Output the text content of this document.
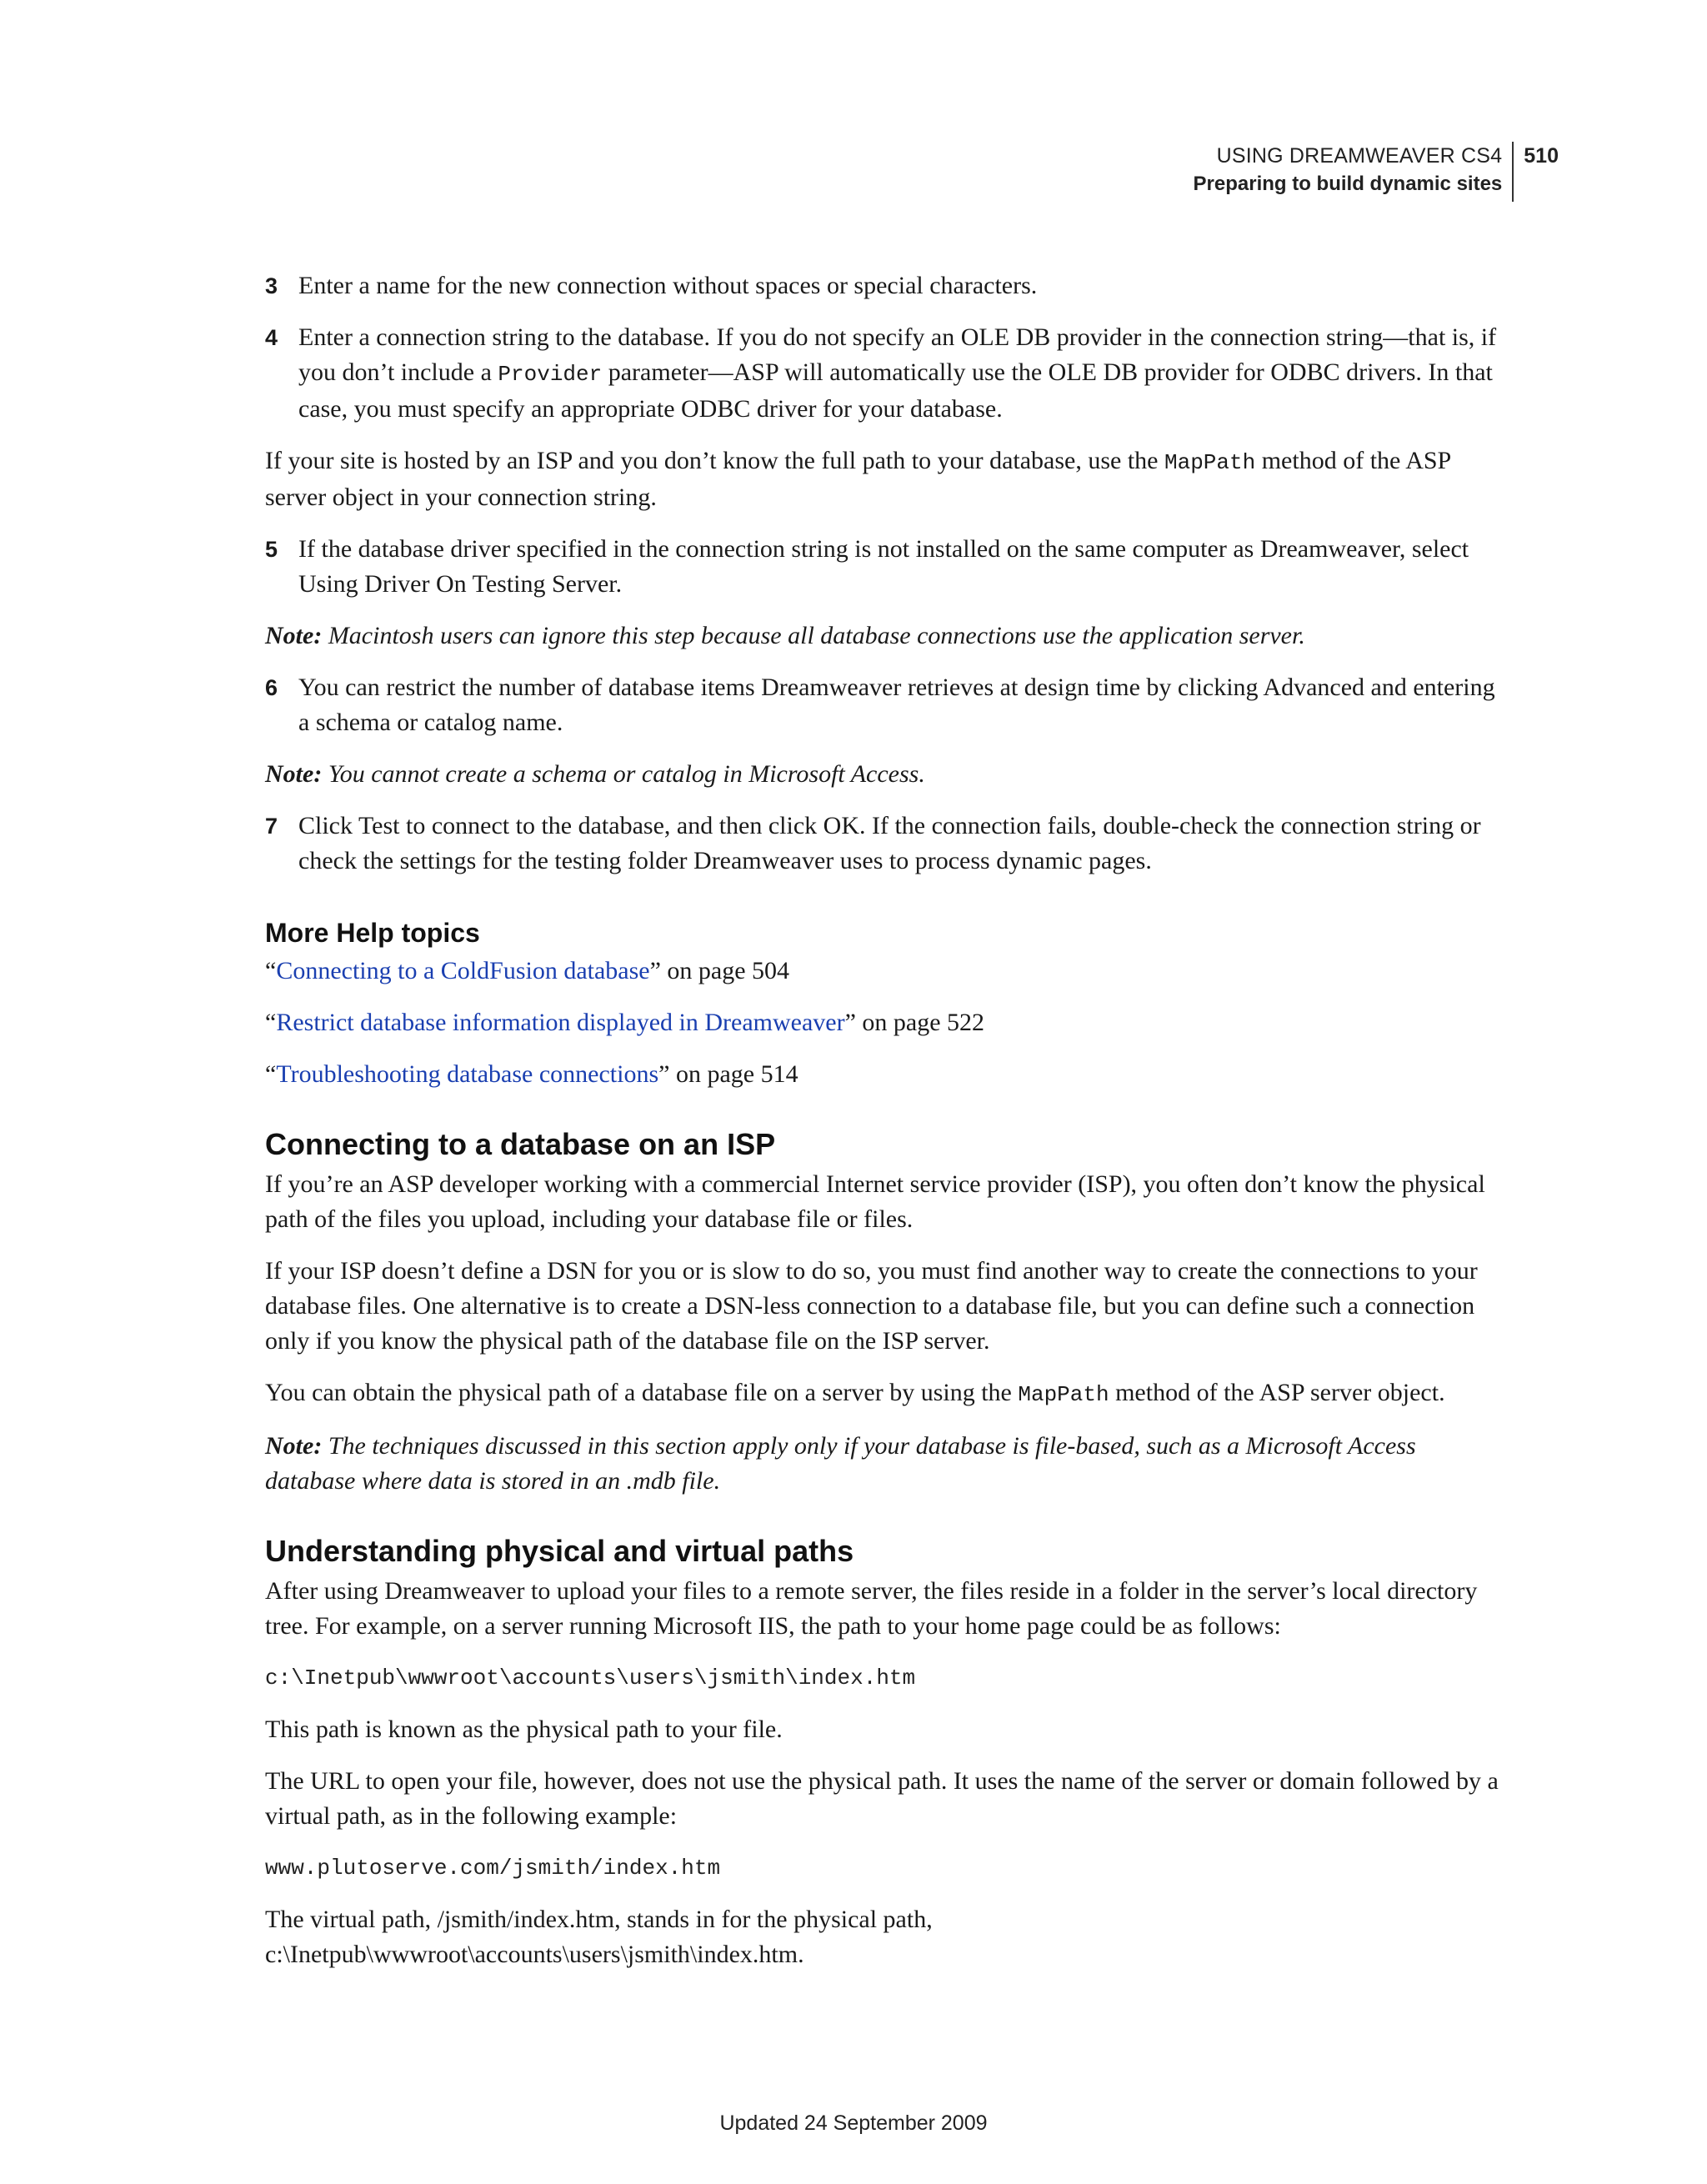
USING DREAMWEAVER CS4
Preparing to build dynamic sites
510
3 Enter a name for the new connection without spaces or special characters.
4 Enter a connection string to the database. If you do not specify an OLE DB provider in the connection string—that is, if you don’t include a Provider parameter—ASP will automatically use the OLE DB provider for ODBC drivers. In that case, you must specify an appropriate ODBC driver for your database.

If your site is hosted by an ISP and you don’t know the full path to your database, use the MapPath method of the ASP server object in your connection string.

5 If the database driver specified in the connection string is not installed on the same computer as Dreamweaver, select Using Driver On Testing Server.

Note: Macintosh users can ignore this step because all database connections use the application server.

6 You can restrict the number of database items Dreamweaver retrieves at design time by clicking Advanced and entering a schema or catalog name.

Note: You cannot create a schema or catalog in Microsoft Access.

7 Click Test to connect to the database, and then click OK. If the connection fails, double-check the connection string or check the settings for the testing folder Dreamweaver uses to process dynamic pages.
More Help topics

“Connecting to a ColdFusion database” on page 504

“Restrict database information displayed in Dreamweaver” on page 522

“Troubleshooting database connections” on page 514

Connecting to a database on an ISP

If you’re an ASP developer working with a commercial Internet service provider (ISP), you often don’t know the physical path of the files you upload, including your database file or files.

If your ISP doesn’t define a DSN for you or is slow to do so, you must find another way to create the connections to your database files. One alternative is to create a DSN-less connection to a database file, but you can define such a connection only if you know the physical path of the database file on the ISP server.

You can obtain the physical path of a database file on a server by using the MapPath method of the ASP server object.

Note: The techniques discussed in this section apply only if your database is file-based, such as a Microsoft Access database where data is stored in an .mdb file.

Understanding physical and virtual paths

After using Dreamweaver to upload your files to a remote server, the files reside in a folder in the server’s local directory tree. For example, on a server running Microsoft IIS, the path to your home page could be as follows:

c:\Inetpub\wwwroot\accounts\users\jsmith\index.htm

This path is known as the physical path to your file.

The URL to open your file, however, does not use the physical path. It uses the name of the server or domain followed by a virtual path, as in the following example:

www.plutoserve.com/jsmith/index.htm

The virtual path, /jsmith/index.htm, stands in for the physical path,
c:\Inetpub\wwwroot\accounts\users\jsmith\index.htm.

Updated 24 September 2009
